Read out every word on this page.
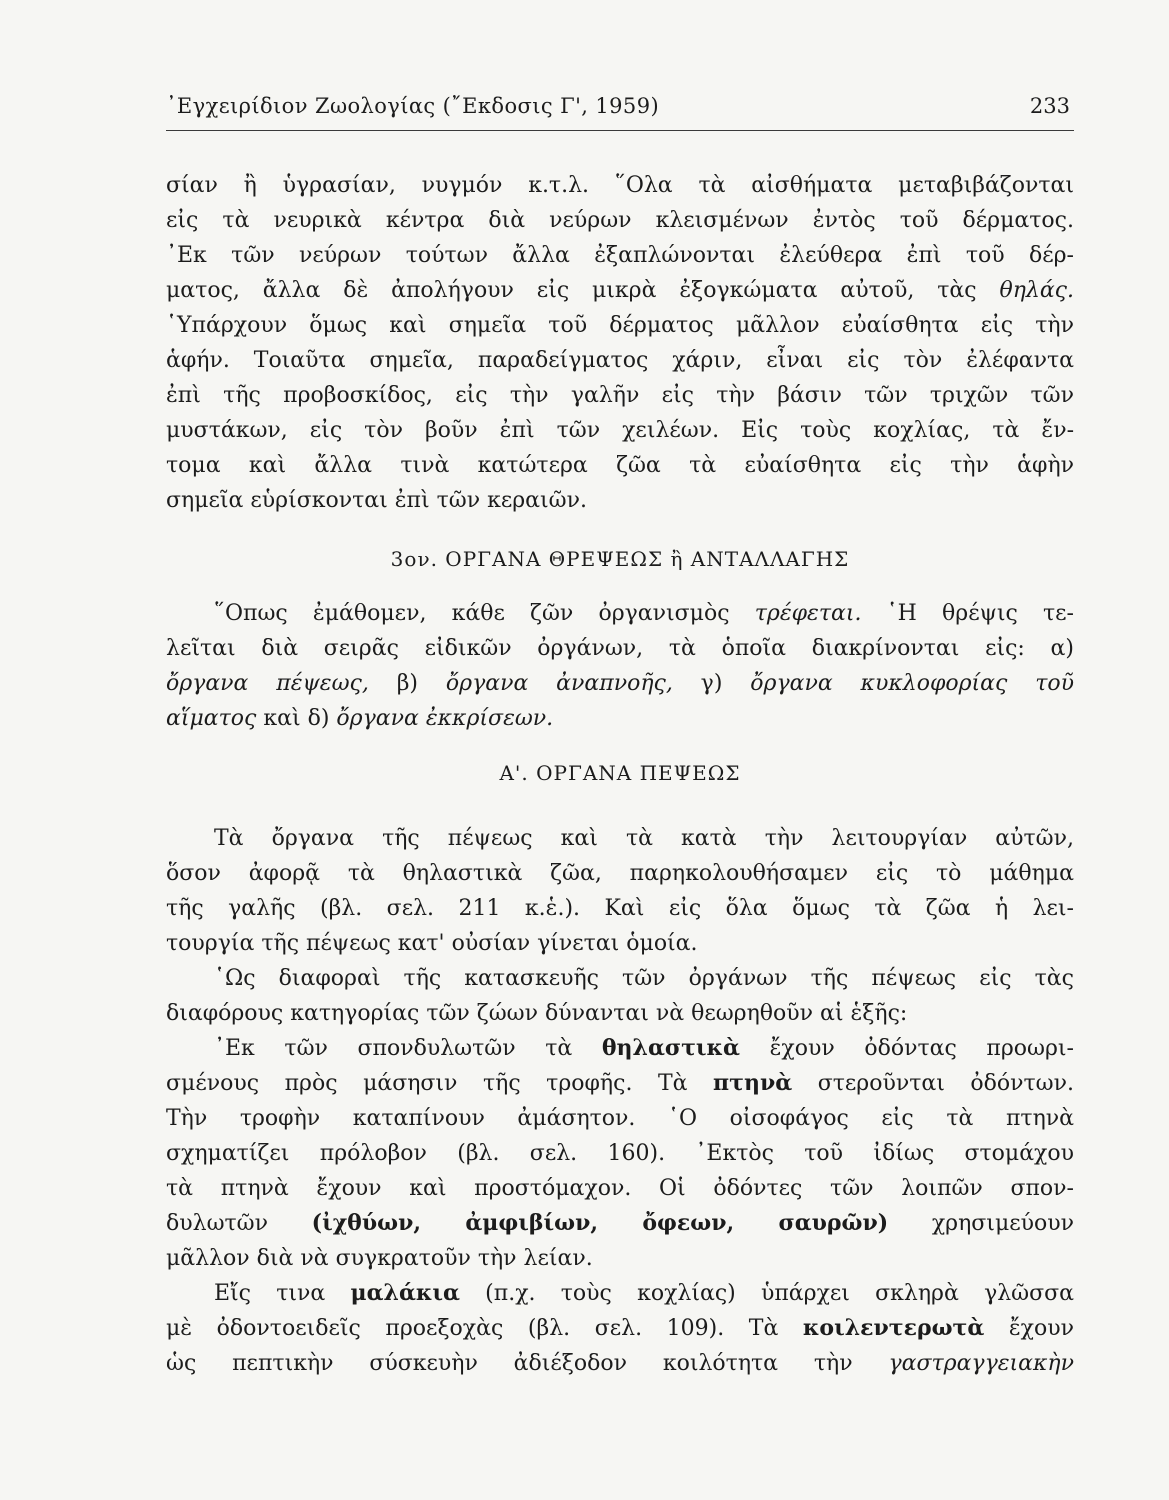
᾿Εγχειρίδιον Ζωολογίας (῎Εκδοσις Γ', 1959)	233
σίαν ἢ ὑγρασίαν, νυγμόν κ.τ.λ. ῞Ολα τὰ αἰσθήματα μεταβιβάζονται
εἰς τὰ νευρικὰ κέντρα διὰ νεύρων κλεισμένων ἐντὸς τοῦ δέρματος.
᾿Εκ τῶν νεύρων τούτων ἄλλα ἐξαπλώνονται ἐλεύθερα ἐπὶ τοῦ δέρ-
ματος, ἄλλα δὲ ἀπολήγουν εἰς μικρὰ ἐξογκώματα αὐτοῦ, τὰς θηλάς.
῾Υπάρχουν ὅμως καὶ σημεῖα τοῦ δέρματος μᾶλλον εὐαίσθητα εἰς τὴν
ἁφήν. Τοιαῦτα σημεῖα, παραδείγματος χάριν, εἶναι εἰς τὸν ἐλέφαντα
ἐπὶ τῆς προβοσκίδος, εἰς τὴν γαλῆν εἰς τὴν βάσιν τῶν τριχῶν τῶν
μυστάκων, εἰς τὸν βοῦν ἐπὶ τῶν χειλέων. Εἰς τοὺς κοχλίας, τὰ ἔν-
τομα καὶ ἄλλα τινὰ κατώτερα ζῶα τὰ εὐαίσθητα εἰς τὴν ἁφὴν
σημεῖα εὑρίσκονται ἐπὶ τῶν κεραιῶν.
3ον. ΟΡΓΑΝΑ ΘΡΕΨΕΩΣ ἢ ΑΝΤΑΛΛΑΓΗΣ
῞Οπως ἐμάθομεν, κάθε ζῶν ὀργανισμὸς τρέφεται. ῾Η θρέψις τε-
λεῖται διὰ σειρᾶς εἰδικῶν ὀργάνων, τὰ ὁποῖα διακρίνονται εἰς: α)
ὄργανα πέψεως, β) ὄργανα ἀναπνοῆς, γ) ὄργανα κυκλοφορίας τοῦ
αἵματος καὶ δ) ὄργανα ἐκκρίσεων.
Α'. ΟΡΓΑΝΑ ΠΕΨΕΩΣ
Τὰ ὄργανα τῆς πέψεως καὶ τὰ κατὰ τὴν λειτουργίαν αὐτῶν,
ὅσον ἀφορᾷ τὰ θηλαστικὰ ζῶα, παρηκολουθήσαμεν εἰς τὸ μάθημα
τῆς γαλῆς (βλ. σελ. 211 κ.ἑ.). Καὶ εἰς ὅλα ὅμως τὰ ζῶα ἡ λει-
τουργία τῆς πέψεως κατ' οὐσίαν γίνεται ὁμοία.
῾Ως διαφοραὶ τῆς κατασκευῆς τῶν ὀργάνων τῆς πέψεως εἰς τὰς
διαφόρους κατηγορίας τῶν ζώων δύνανται νὰ θεωρηθοῦν αἱ ἑξῆς:
᾿Εκ τῶν σπονδυλωτῶν τὰ θηλαστικὰ ἔχουν ὀδόντας προωρι-
σμένους πρὸς μάσησιν τῆς τροφῆς. Τὰ πτηνὰ στεροῦνται ὀδόντων.
Τὴν τροφὴν καταπίνουν ἀμάσητον. ῾Ο οἰσοφάγος εἰς τὰ πτηνὰ
σχηματίζει πρόλοβον (βλ. σελ. 160). ᾿Εκτὸς τοῦ ἰδίως στομάχου
τὰ πτηνὰ ἔχουν καὶ προστόμαχον. Οἱ ὀδόντες τῶν λοιπῶν σπον-
δυλωτῶν (ἰχθύων, ἀμφιβίων, ὄφεων, σαυρῶν) χρησιμεύουν
μᾶλλον διὰ νὰ συγκρατοῦν τὴν λείαν.
Εἴς τινα μαλάκια (π.χ. τοὺς κοχλίας) ὑπάρχει σκληρὰ γλῶσσα
μὲ ὀδοντοειδεῖς προεξοχὰς (βλ. σελ. 109). Τὰ κοιλεντερωτὰ ἔχουν
ὡς πεπτικὴν σύσκευὴν ἀδιέξοδον κοιλότητα τὴν γαστραγγειακὴν
